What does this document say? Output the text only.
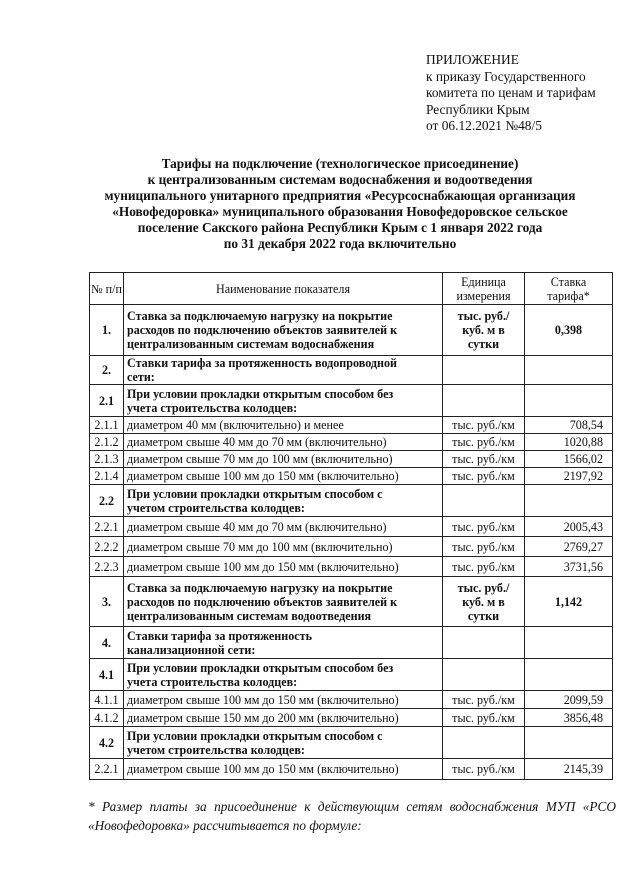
ПРИЛОЖЕНИЕ
к приказу Государственного
комитета по ценам и тарифам
Республики Крым
от 06.12.2021 №48/5
Тарифы на подключение (технологическое присоединение)
к централизованным системам водоснабжения и водоотведения
муниципального унитарного предприятия «Ресурсоснабжающая организация
«Новофедоровка» муниципального образования Новофедоровское сельское
поселение Сакского района Республики Крым с 1 января 2022 года
по 31 декабря 2022 года включительно
№ п/п	Наименование показателя	Единица измерения	Ставка тарифа*
1.	Ставка за подключаемую нагрузку на покрытие
расходов по подключению объектов заявителей к
централизованным системам водоснабжения	тыс. руб./
куб. м в
сутки	0,398
2.	Ставки тарифа за протяженность водопроводной
сети:		
2.1	При условии прокладки открытым способом без
учета строительства колодцев:		
2.1.1	диаметром 40 мм (включительно) и менее	тыс. руб./км	708,54
2.1.2	диаметром свыше 40 мм до 70 мм (включительно)	тыс. руб./км	1020,88
2.1.3	диаметром свыше 70 мм до 100 мм (включительно)	тыс. руб./км	1566,02
2.1.4	диаметром свыше 100 мм до 150 мм (включительно)	тыс. руб./км	2197,92
2.2	При условии прокладки открытым способом с
учетом строительства колодцев:		
2.2.1	диаметром свыше 40 мм до 70 мм (включительно)	тыс. руб./км	2005,43
2.2.2	диаметром свыше 70 мм до 100 мм (включительно)	тыс. руб./км	2769,27
2.2.3	диаметром свыше 100 мм до 150 мм (включительно)	тыс. руб./км	3731,56
3.	Ставка за подключаемую нагрузку на покрытие
расходов по подключению объектов заявителей к
централизованным системам водоотведения	тыс. руб./
куб. м в
сутки	1,142
4.	Ставки тарифа за протяженность
канализационной сети:		
4.1	При условии прокладки открытым способом без
учета строительства колодцев:		
4.1.1	диаметром свыше 100 мм до 150 мм (включительно)	тыс. руб./км	2099,59
4.1.2	диаметром свыше 150 мм до 200 мм (включительно)	тыс. руб./км	3856,48
4.2	При условии прокладки открытым способом с
учетом строительства колодцев:		
2.2.1	диаметром свыше 100 мм до 150 мм (включительно)	тыс. руб./км	2145,39
* Размер платы за присоединение к действующим сетям водоснабжения МУП «РСО «Новофедоровка» рассчитывается по формуле:
